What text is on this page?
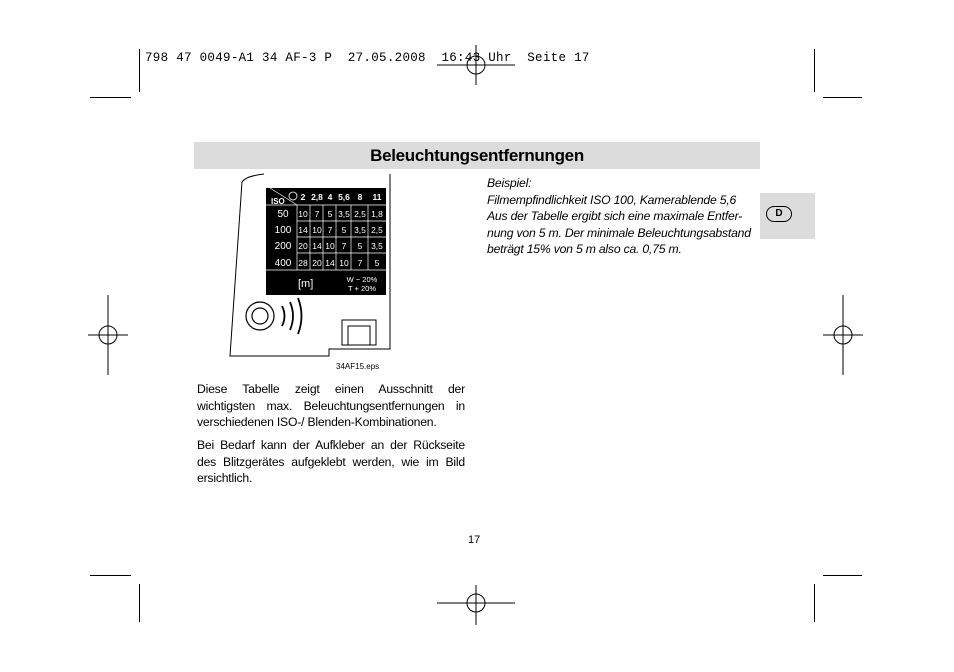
798 47 0049-A1 34 AF-3 P  27.05.2008  16:43 Uhr  Seite 17
Beleuchtungsentfernungen
D
ISO 2 2,8 4 5,6 8 11
50
100
200
400
10 7 5 3,5 2,5 1,8
14 10 7 5 3,5 2,5
20 14 10 7 5 3,5
28 20 14 10 7 5
[m]	W − 20%
T + 20%
34AF15.eps
Diese Tabelle zeigt einen Ausschnitt der wichtigsten max. Beleuchtungsentfernungen in verschiedenen ISO-/ Blenden-Kombinationen.
Bei Bedarf kann der Aufkleber an der Rückseite des Blitzgerätes aufgeklebt werden, wie im Bild ersichtlich.
Beispiel:
Filmempfindlichkeit ISO 100, Kamerablende 5,6
Aus der Tabelle ergibt sich eine maximale Entfer-
nung von 5 m. Der minimale Beleuchtungsabstand
beträgt 15% von 5 m also ca. 0,75 m.
17
